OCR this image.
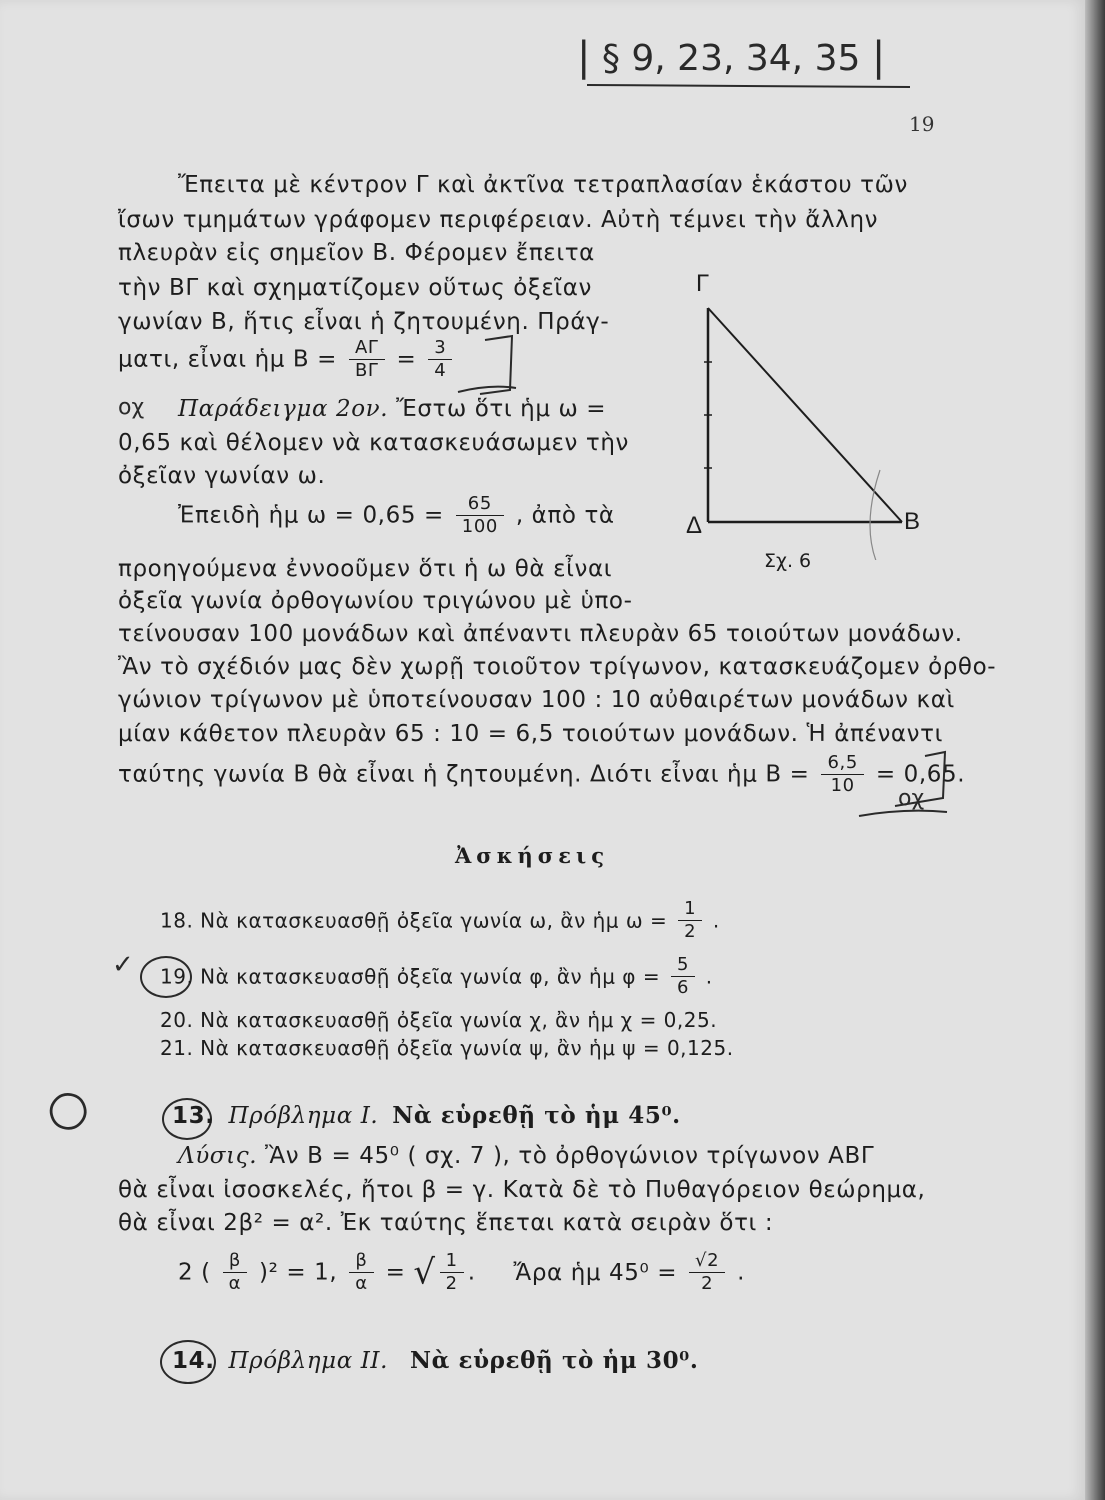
| § 9, 23, 34, 35 |
19
Ἔπειτα μὲ κέντρον Γ καὶ ἀκτῖνα τετραπλασίαν ἑκάστου τῶν
ἴσων τμημάτων γράφομεν περιφέρειαν. Αὐτὴ τέμνει τὴν ἄλλην
πλευρὰν εἰς σημεῖον Β. Φέρομεν ἔπειτα
τὴν ΒΓ καὶ σχηματίζομεν οὕτως ὀξεῖαν
γωνίαν Β, ἥτις εἶναι ἡ ζητουμένη. Πράγ-
ματι, εἶναι ἡμ $B = \frac{A\Gamma}{B\Gamma} = \frac{3}{4}$
οχ Παράδειγμα 2ον. Ἔστω ὅτι ἡμ ω =
0,65 καὶ θέλομεν νὰ κατασκευάσωμεν τὴν
ὀξεῖαν γωνίαν ω.
Ἐπειδὴ ἡμ $\omega = 0,65 = \frac{65}{100}$ , ἀπὸ τὰ
προηγούμενα ἐννοοῦμεν ὅτι ἡ ω θὰ εἶναι
ὀξεῖα γωνία ὀρθογωνίου τριγώνου μὲ ὑπο-
τείνουσαν 100 μονάδων καὶ ἀπέναντι πλευρὰν 65 τοιούτων μονάδων.
Ἂν τὸ σχέδιόν μας δὲν χωρῇ τοιοῦτον τρίγωνον, κατασκευάζομεν ὀρθο-
γώνιον τρίγωνον μὲ ὑποτείνουσαν 100 : 10 αὐθαιρέτων μονάδων καὶ
μίαν κάθετον πλευρὰν 65 : 10 = 6,5 τοιούτων μονάδων. Ἡ ἀπέναντι
ταύτης γωνία Β θὰ εἶναι ἡ ζητουμένη. Διότι εἶναι ἡμ $B = \frac{6,5}{10} = 0,65$.
οχ
Γ
Δ	Β
Σχ. 6
Ἀσκήσεις
18. Νὰ κατασκευασθῇ ὀξεῖα γωνία ω, ἂν ἡμ $\omega = \frac{1}{2}$ .
✓ 19. Νὰ κατασκευασθῇ ὀξεῖα γωνία φ, ἂν ἡμ $\varphi = \frac{5}{6}$ .
20. Νὰ κατασκευασθῇ ὀξεῖα γωνία χ, ἂν ἡμ χ = 0,25.
21. Νὰ κατασκευασθῇ ὀξεῖα γωνία ψ, ἂν ἡμ ψ = 0,125.
○	13. Πρόβλημα Ι. Νὰ εὑρεθῇ τὸ ἡμ 45⁰.
Λύσις. Ἂν Β = 45⁰ ( σχ. 7 ), τὸ ὀρθογώνιον τρίγωνον ΑΒΓ
θὰ εἶναι ἰσοσκελές, ἤτοι β = γ. Κατὰ δὲ τὸ Πυθαγόρειον θεώρημα,
θὰ εἶναι 2β² = α². Ἐκ ταύτης ἕπεται κατὰ σειρὰν ὅτι :
2 ( $\frac{\beta}{\alpha} )^2 = 1$, $\frac{\beta}{\alpha}$ = √ $\frac{1}{2}$ . Ἄρα ἡμ $45^0 = \frac{√2}{2}$ .
14. Πρόβλημα ΙΙ. Νὰ εὑρεθῇ τὸ ἡμ 30⁰.
